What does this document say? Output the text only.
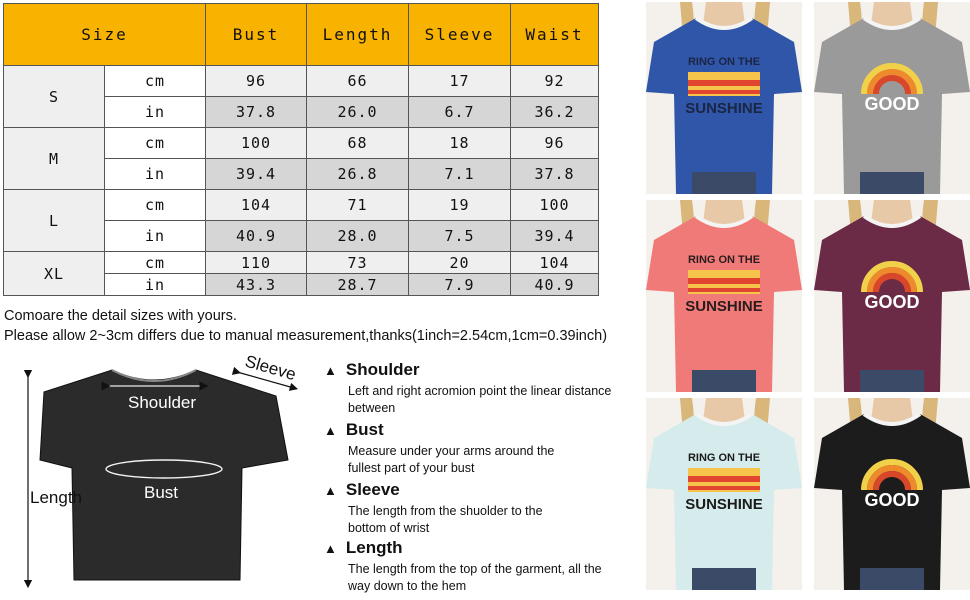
Size		Bust	Length	Sleeve	Waist
S	cm	96	66	17	92
	in	37.8	26.0	6.7	36.2
M	cm	100	68	18	96
	in	39.4	26.8	7.1	37.8
L	cm	104	71	19	100
	in	40.9	28.0	7.5	39.4
XL	cm	110	73	20	104
	in	43.3	28.7	7.9	40.9
Comoare the detail sizes with yours.
Please allow 2~3cm differs due to manual measurement,thanks(1inch=2.54cm,1cm=0.39inch)
Shoulder
Bust
Sleeve
Length
▲ Shoulder
Left and right acromion point the linear distance between
▲ Bust
Measure under your arms around the fullest part of your bust
▲ Sleeve
The length from the shuolder to the bottom of wrist
▲ Length
The length from the top of the garment, all the way down to the hem
RING ON THE
SUNSHINE	GOOD
RING ON THE
SUNSHINE	GOOD
RING ON THE
SUNSHINE	GOOD
